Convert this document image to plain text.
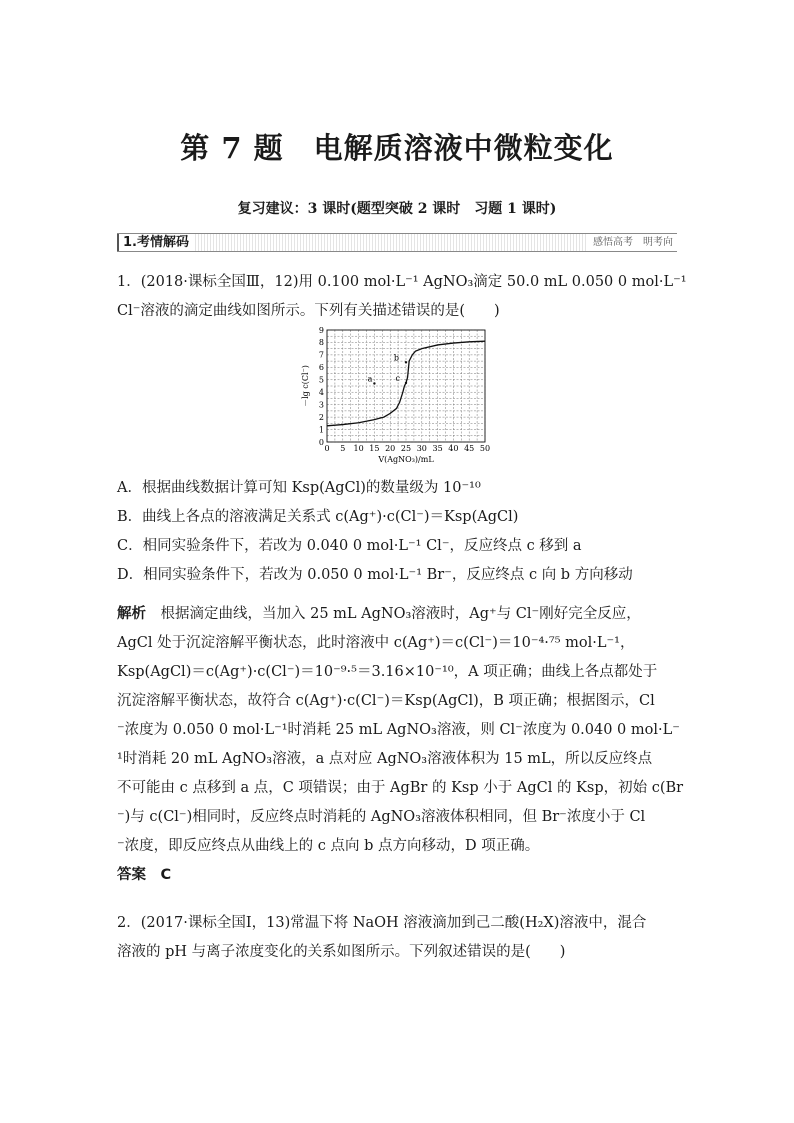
第 7 题 电解质溶液中微粒变化
复习建议：3 课时(题型突破 2 课时　习题 1 课时)
1.考情解码	感悟高考　明考向
1．(2018·课标全国Ⅲ，12)用 0.100 mol·L⁻¹ AgNO₃滴定 50.0 mL 0.050 0 mol·L⁻¹
Cl⁻溶液的滴定曲线如图所示。下列有关描述错误的是(　　)
0
1
2
3
4
5
6
7
8
9
0 5 10 15 20 25 30 35 40 45 50
－lg c(Cl⁻)
V(AgNO₃)/mL
a
b
c
A．根据曲线数据计算可知 Ksp(AgCl)的数量级为 10⁻¹⁰
B．曲线上各点的溶液满足关系式 c(Ag⁺)·c(Cl⁻)＝Ksp(AgCl)
C．相同实验条件下，若改为 0.040 0 mol·L⁻¹ Cl⁻，反应终点 c 移到 a
D．相同实验条件下，若改为 0.050 0 mol·L⁻¹ Br⁻，反应终点 c 向 b 方向移动
解析　 根据滴定曲线，当加入 25 mL AgNO₃溶液时，Ag⁺与 Cl⁻刚好完全反应，
AgCl 处于沉淀溶解平衡状态，此时溶液中 c(Ag⁺)＝c(Cl⁻)＝10⁻⁴·⁷⁵ mol·L⁻¹，
Ksp(AgCl)＝c(Ag⁺)·c(Cl⁻)＝10⁻⁹·⁵＝3.16×10⁻¹⁰，A 项正确；曲线上各点都处于
沉淀溶解平衡状态，故符合 c(Ag⁺)·c(Cl⁻)＝Ksp(AgCl)，B 项正确；根据图示，Cl
⁻浓度为 0.050 0 mol·L⁻¹时消耗 25 mL AgNO₃溶液，则 Cl⁻浓度为 0.040 0 mol·L⁻
¹时消耗 20 mL AgNO₃溶液，a 点对应 AgNO₃溶液体积为 15 mL，所以反应终点
不可能由 c 点移到 a 点，C 项错误；由于 AgBr 的 Ksp 小于 AgCl 的 Ksp，初始 c(Br
⁻)与 c(Cl⁻)相同时，反应终点时消耗的 AgNO₃溶液体积相同，但 Br⁻浓度小于 Cl
⁻浓度，即反应终点从曲线上的 c 点向 b 点方向移动，D 项正确。
答案　C
2．(2017·课标全国Ⅰ，13)常温下将 NaOH 溶液滴加到己二酸(H₂X)溶液中，混合
溶液的 pH 与离子浓度变化的关系如图所示。下列叙述错误的是(　　)
